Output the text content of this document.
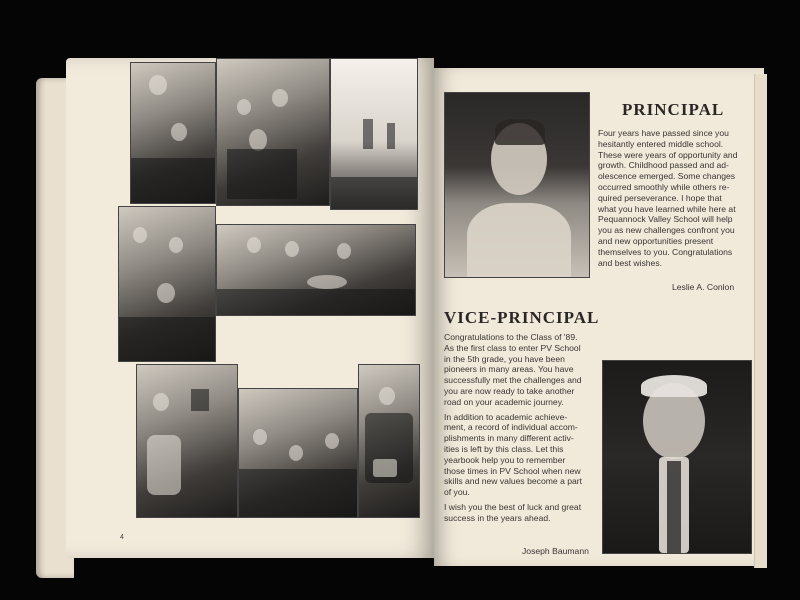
4
PRINCIPAL
Four years have passed since you
hesitantly entered middle school.
These were years of opportunity and
growth. Childhood passed and ad-
olescence emerged. Some changes
occurred smoothly while others re-
quired perseverance. I hope that
what you have learned while here at
Pequannock Valley School will help
you as new challenges confront you
and new opportunities present
themselves to you. Congratulations
and best wishes.
Leslie A. Conlon
VICE-PRINCIPAL

Congratulations to the Class of '89.
As the first class to enter PV School
in the 5th grade, you have been
pioneers in many areas. You have
successfully met the challenges and
you are now ready to take another
road on your academic journey.

In addition to academic achieve-
ment, a record of individual accom-
plishments in many different activ-
ities is left by this class. Let this
yearbook help you to remember
those times in PV School when new
skills and new values become a part
of you.

I wish you the best of luck and great
success in the years ahead.

Joseph Baumann
